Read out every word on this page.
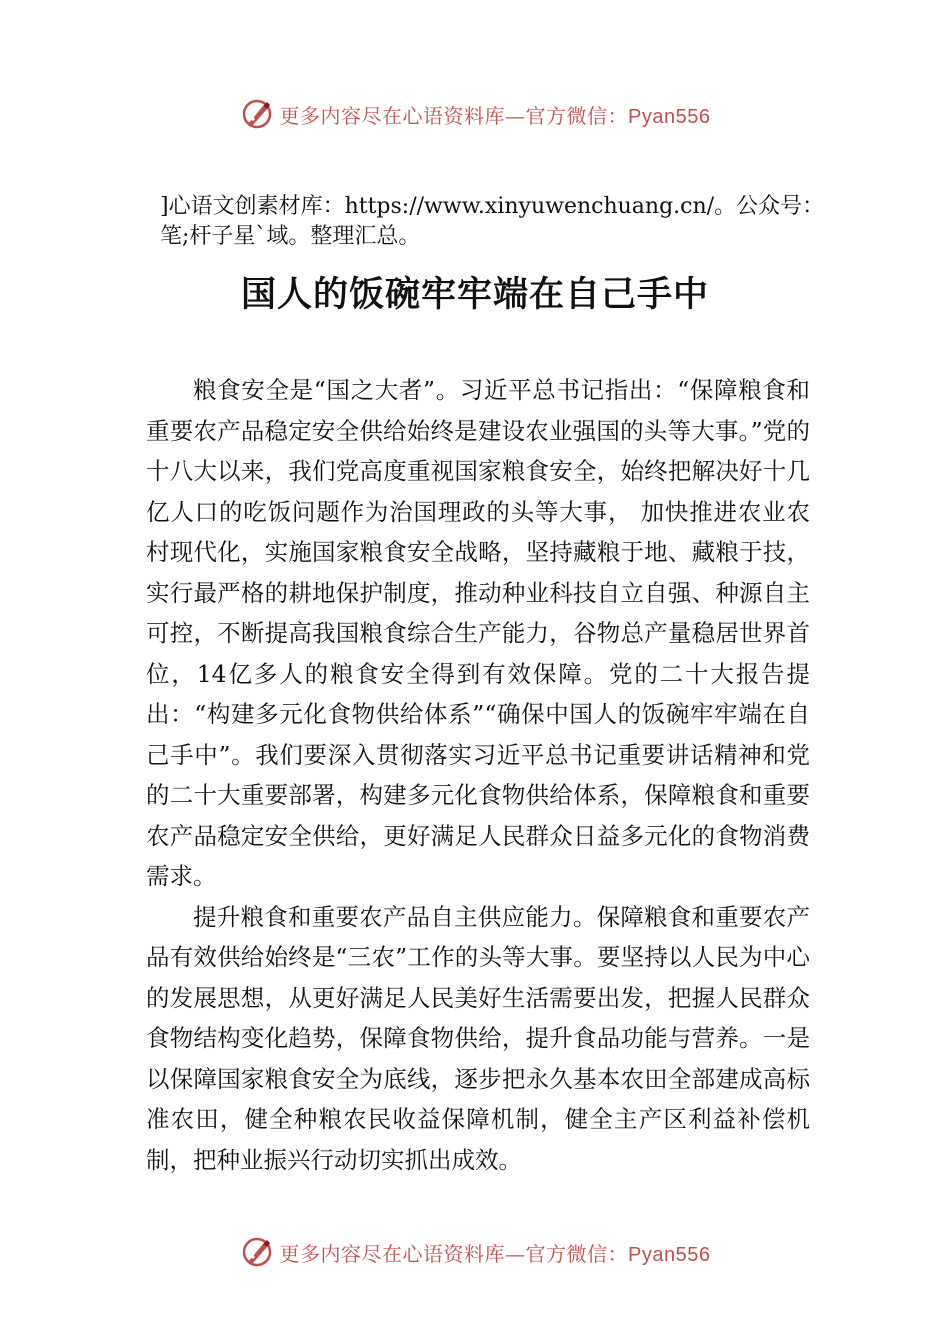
更多内容尽在心语资料库—官方微信：Pyan556
]心语文创素材库：https://www.xinyuwenchuang.cn/。公众号：笔;杆子星`域。整理汇总。
国人的饭碗牢牢端在自己手中

粮食安全是“国之大者”。习近平总书记指出：“保障粮食和重要农产品稳定安全供给始终是建设农业强国的头等大事。”党的十八大以来，我们党高度重视国家粮食安全，始终把解决好十几亿人口的吃饭问题作为治国理政的头等大事， 加快推进农业农村现代化，实施国家粮食安全战略，坚持藏粮于地、藏粮于技，实行最严格的耕地保护制度，推动种业科技自立自强、种源自主可控，不断提高我国粮食综合生产能力，谷物总产量稳居世界首位，14亿多人的粮食安全得到有效保障。党的二十大报告提出：“构建多元化食物供给体系”“确保中国人的饭碗牢牢端在自己手中”。我们要深入贯彻落实习近平总书记重要讲话精神和党的二十大重要部署，构建多元化食物供给体系，保障粮食和重要农产品稳定安全供给，更好满足人民群众日益多元化的食物消费需求。

提升粮食和重要农产品自主供应能力。保障粮食和重要农产品有效供给始终是“三农”工作的头等大事。要坚持以人民为中心的发展思想，从更好满足人民美好生活需要出发，把握人民群众食物结构变化趋势，保障食物供给，提升食品功能与营养。一是以保障国家粮食安全为底线，逐步把永久基本农田全部建成高标准农田，健全种粮农民收益保障机制，健全主产区利益补偿机制，把种业振兴行动切实抓出成效。

更多内容尽在心语资料库—官方微信：Pyan556
